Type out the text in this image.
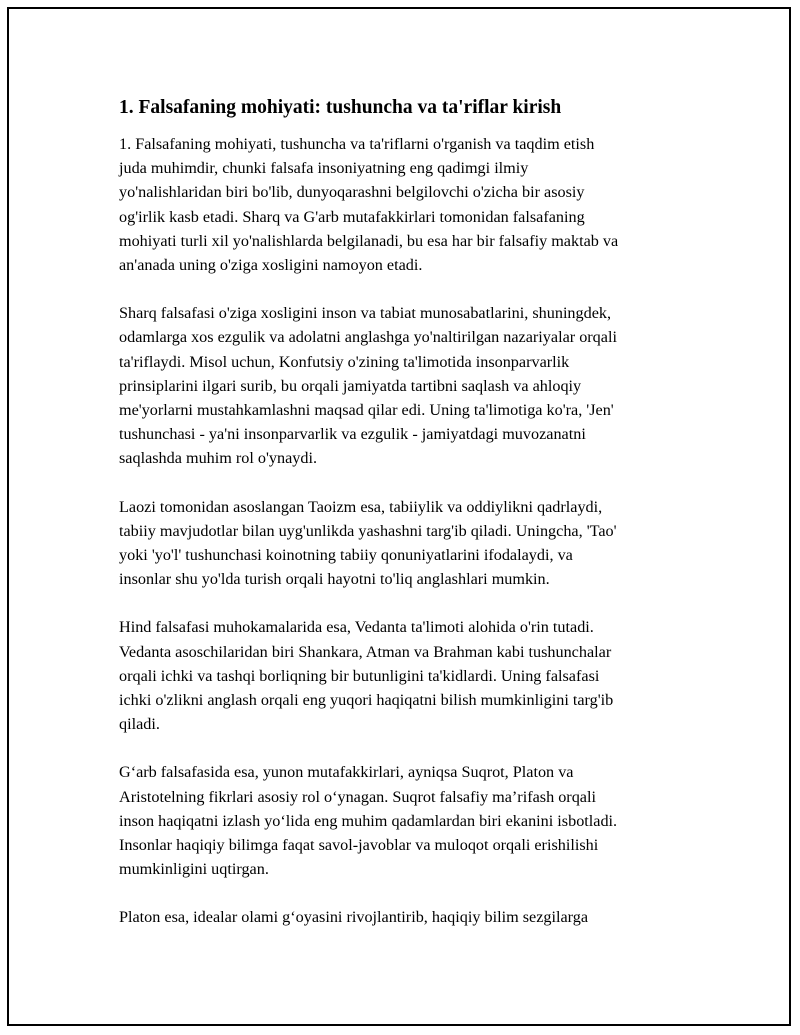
1. Falsafaning mohiyati: tushuncha va ta'riflar kirish

1. Falsafaning mohiyati, tushuncha va ta'riflarni o'rganish va taqdim etish
juda muhimdir, chunki falsafa insoniyatning eng qadimgi ilmiy
yo'nalishlaridan biri bo'lib, dunyoqarashni belgilovchi o'zicha bir asosiy
og'irlik kasb etadi. Sharq va G'arb mutafakkirlari tomonidan falsafaning
mohiyati turli xil yo'nalishlarda belgilanadi, bu esa har bir falsafiy maktab va
an'anada uning o'ziga xosligini namoyon etadi.

Sharq falsafasi o'ziga xosligini inson va tabiat munosabatlarini, shuningdek,
odamlarga xos ezgulik va adolatni anglashga yo'naltirilgan nazariyalar orqali
ta'riflaydi. Misol uchun, Konfutsiy o'zining ta'limotida insonparvarlik
prinsiplarini ilgari surib, bu orqali jamiyatda tartibni saqlash va ahloqiy
me'yorlarni mustahkamlashni maqsad qilar edi. Uning ta'limotiga ko'ra, 'Jen'
tushunchasi - ya'ni insonparvarlik va ezgulik - jamiyatdagi muvozanatni
saqlashda muhim rol o'ynaydi.

Laozi tomonidan asoslangan Taoizm esa, tabiiylik va oddiylikni qadrlaydi,
tabiiy mavjudotlar bilan uyg'unlikda yashashni targ'ib qiladi. Uningcha, 'Tao'
yoki 'yo'l' tushunchasi koinotning tabiiy qonuniyatlarini ifodalaydi, va
insonlar shu yo'lda turish orqali hayotni to'liq anglashlari mumkin.

Hind falsafasi muhokamalarida esa, Vedanta ta'limoti alohida o'rin tutadi.
Vedanta asoschilaridan biri Shankara, Atman va Brahman kabi tushunchalar
orqali ichki va tashqi borliqning bir butunligini ta'kidlardi. Uning falsafasi
ichki o'zlikni anglash orqali eng yuqori haqiqatni bilish mumkinligini targ'ib
qiladi.

G‘arb falsafasida esa, yunon mutafakkirlari, ayniqsa Suqrot, Platon va
Aristotelning fikrlari asosiy rol o‘ynagan. Suqrot falsafiy ma’rifash orqali
inson haqiqatni izlash yo‘lida eng muhim qadamlardan biri ekanini isbotladi.
Insonlar haqiqiy bilimga faqat savol-javoblar va muloqot orqali erishilishi
mumkinligini uqtirgan.

Platon esa, idealar olami g‘oyasini rivojlantirib, haqiqiy bilim sezgilarga
